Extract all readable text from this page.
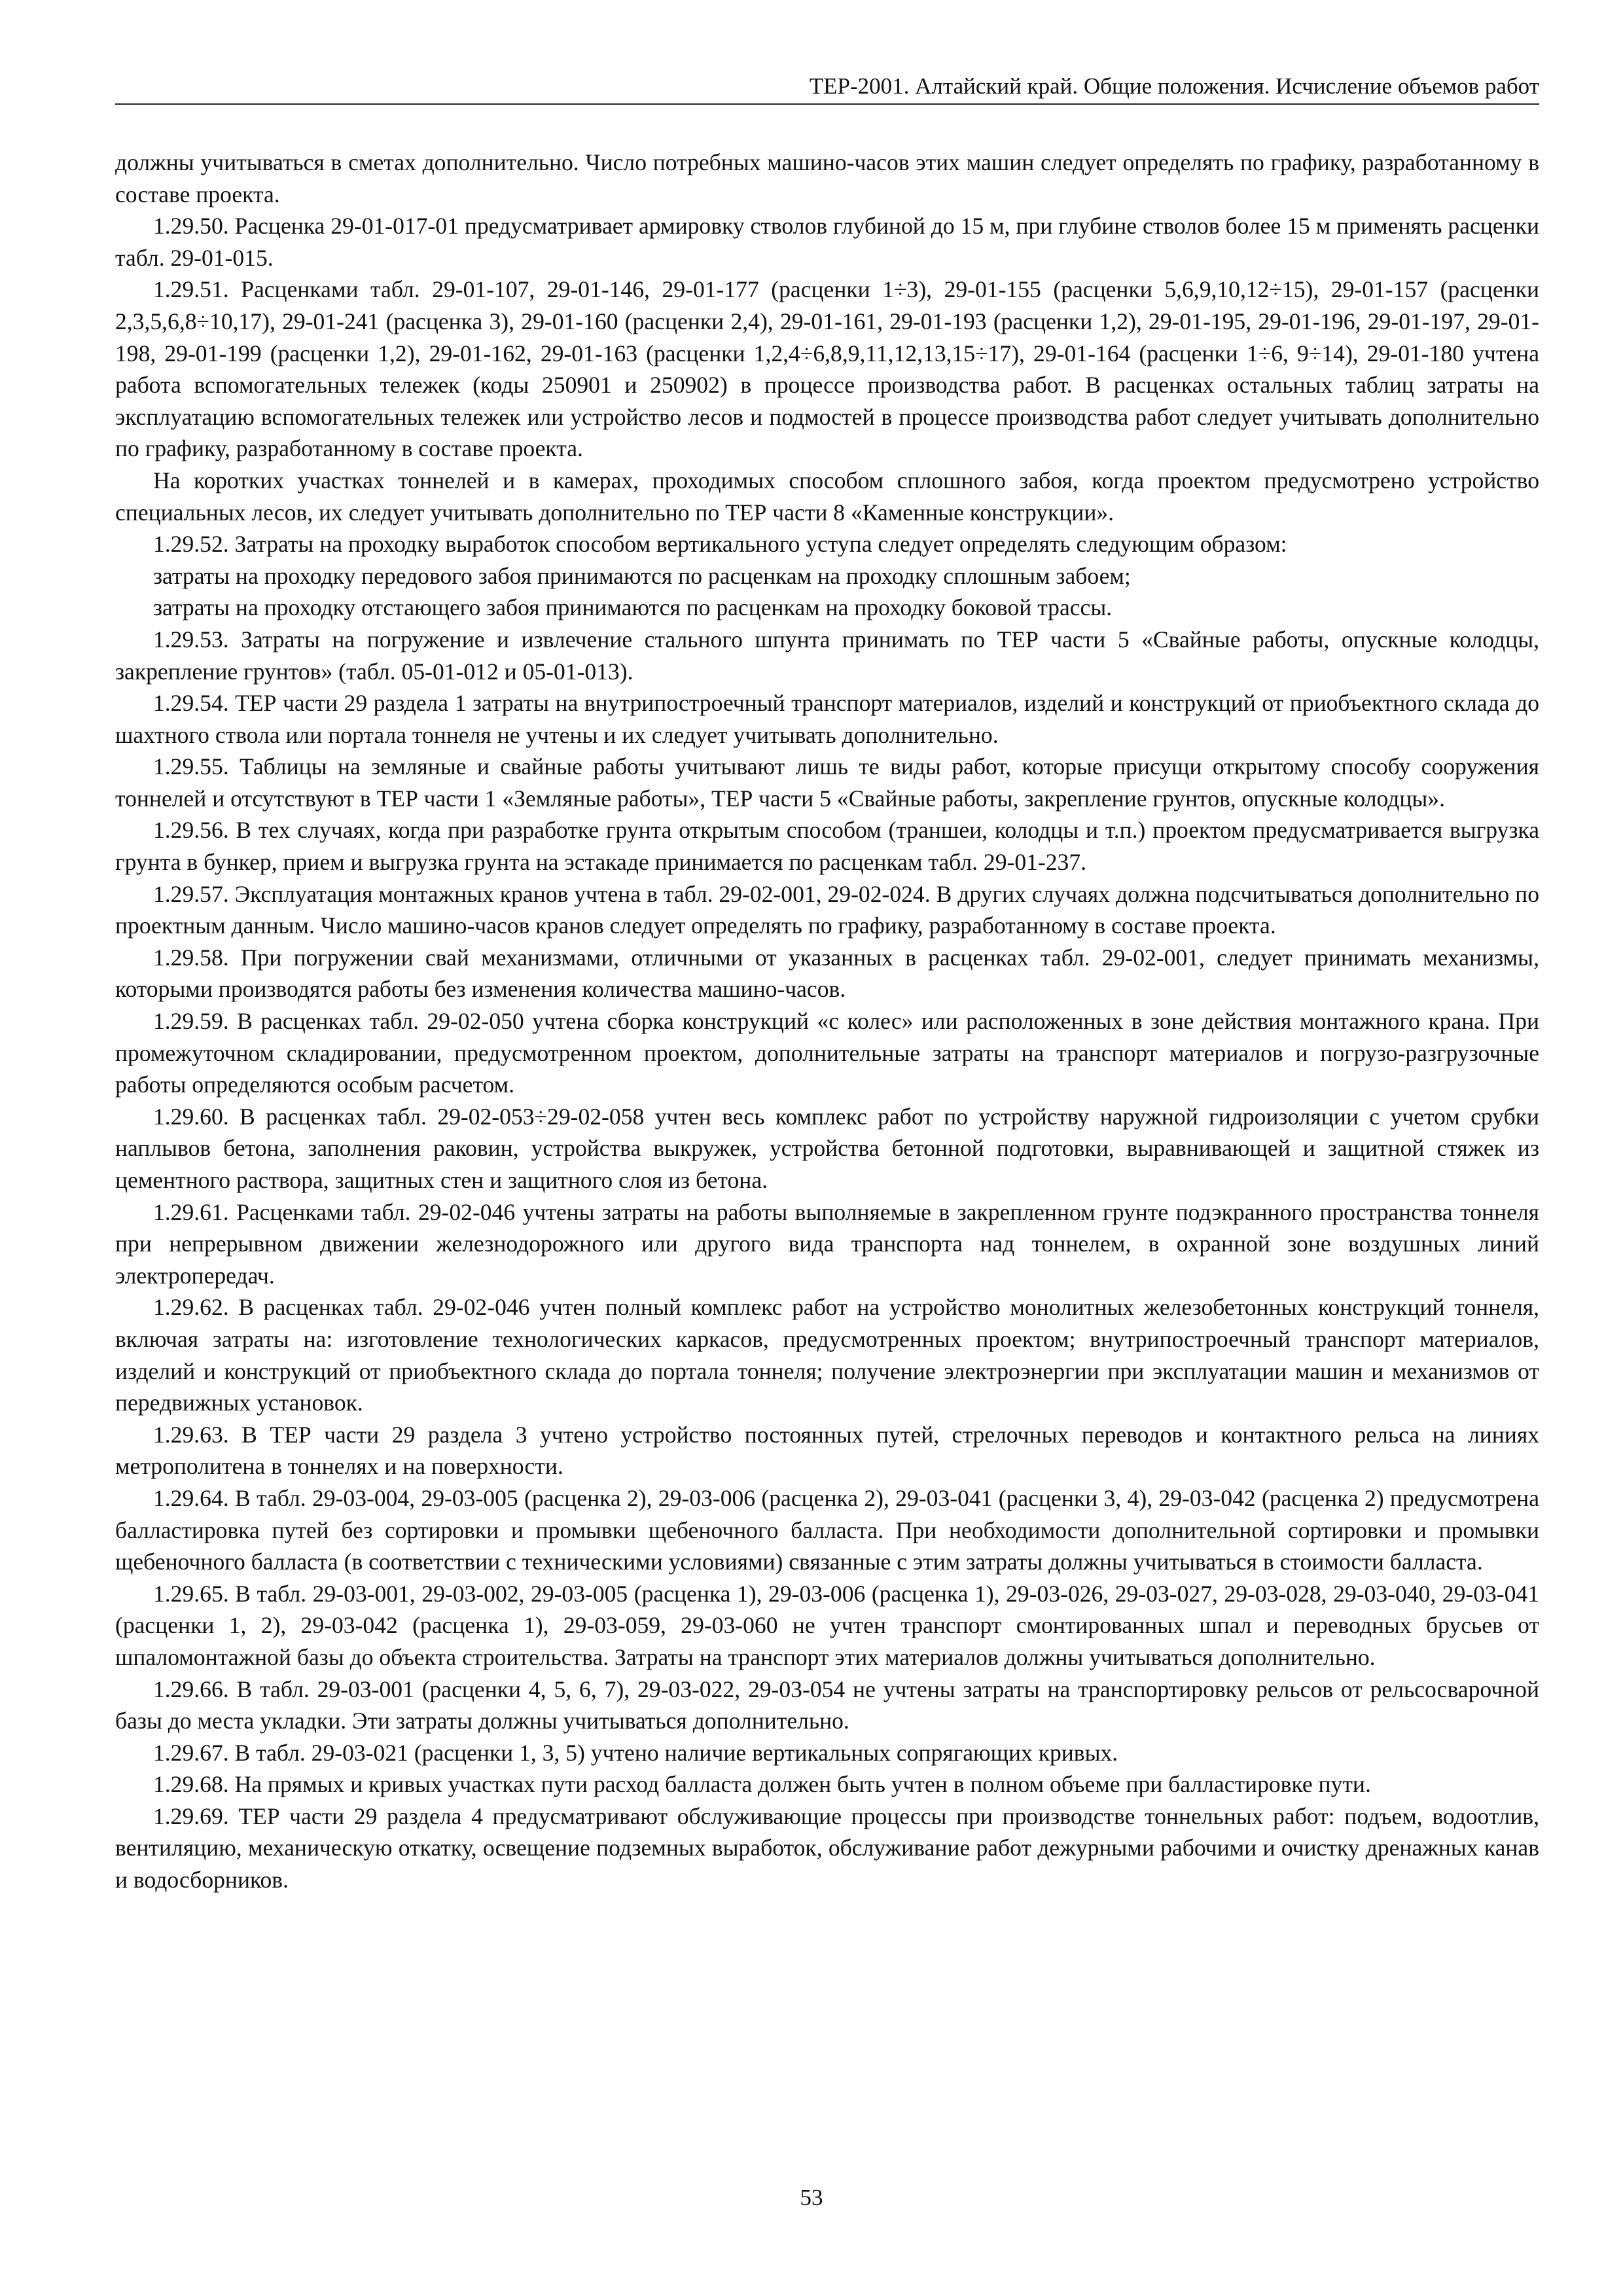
ТЕР-2001. Алтайский край. Общие положения. Исчисление объемов работ

должны учитываться в сметах дополнительно. Число потребных машино-часов этих машин следует определять по графику, разработанному в составе проекта.

1.29.50. Расценка 29-01-017-01 предусматривает армировку стволов глубиной до 15 м, при глубине стволов более 15 м применять расценки табл. 29-01-015.

1.29.51. Расценками табл. 29-01-107, 29-01-146, 29-01-177 (расценки 1÷3), 29-01-155 (расценки 5,6,9,10,12÷15), 29-01-157 (расценки 2,3,5,6,8÷10,17), 29-01-241 (расценка 3), 29-01-160 (расценки 2,4), 29-01-161, 29-01-193 (расценки 1,2), 29-01-195, 29-01-196, 29-01-197, 29-01-198, 29-01-199 (расценки 1,2), 29-01-162, 29-01-163 (расценки 1,2,4÷6,8,9,11,12,13,15÷17), 29-01-164 (расценки 1÷6, 9÷14), 29-01-180 учтена работа вспомогательных тележек (коды 250901 и 250902) в процессе производства работ. В расценках остальных таблиц затраты на эксплуатацию вспомогательных тележек или устройство лесов и подмостей в процессе производства работ следует учитывать дополнительно по графику, разработанному в составе проекта.

На коротких участках тоннелей и в камерах, проходимых способом сплошного забоя, когда проектом предусмотрено устройство специальных лесов, их следует учитывать дополнительно по ТЕР части 8 «Каменные конструкции».

1.29.52. Затраты на проходку выработок способом вертикального уступа следует определять следующим образом:

затраты на проходку передового забоя принимаются по расценкам на проходку сплошным забоем;

затраты на проходку отстающего забоя принимаются по расценкам на проходку боковой трассы.

1.29.53. Затраты на погружение и извлечение стального шпунта принимать по ТЕР части 5 «Свайные работы, опускные колодцы, закрепление грунтов» (табл. 05-01-012 и 05-01-013).

1.29.54. ТЕР части 29 раздела 1 затраты на внутрипостроечный транспорт материалов, изделий и конструкций от приобъектного склада до шахтного ствола или портала тоннеля не учтены и их следует учитывать дополнительно.

1.29.55. Таблицы на земляные и свайные работы учитывают лишь те виды работ, которые присущи открытому способу сооружения тоннелей и отсутствуют в ТЕР части 1 «Земляные работы», ТЕР части 5 «Свайные работы, закрепление грунтов, опускные колодцы».

1.29.56. В тех случаях, когда при разработке грунта открытым способом (траншеи, колодцы и т.п.) проектом предусматривается выгрузка грунта в бункер, прием и выгрузка грунта на эстакаде принимается по расценкам табл. 29-01-237.

1.29.57. Эксплуатация монтажных кранов учтена в табл. 29-02-001, 29-02-024. В других случаях должна подсчитываться дополнительно по проектным данным. Число машино-часов кранов следует определять по графику, разработанному в составе проекта.

1.29.58. При погружении свай механизмами, отличными от указанных в расценках табл. 29-02-001, следует принимать механизмы, которыми производятся работы без изменения количества машино-часов.

1.29.59. В расценках табл. 29-02-050 учтена сборка конструкций «с колес» или расположенных в зоне действия монтажного крана. При промежуточном складировании, предусмотренном проектом, дополнительные затраты на транспорт материалов и погрузо-разгрузочные работы определяются особым расчетом.

1.29.60. В расценках табл. 29-02-053÷29-02-058 учтен весь комплекс работ по устройству наружной гидроизоляции с учетом срубки наплывов бетона, заполнения раковин, устройства выкружек, устройства бетонной подготовки, выравнивающей и защитной стяжек из цементного раствора, защитных стен и защитного слоя из бетона.

1.29.61. Расценками табл. 29-02-046 учтены затраты на работы выполняемые в закрепленном грунте подэкранного пространства тоннеля при непрерывном движении железнодорожного или другого вида транспорта над тоннелем, в охранной зоне воздушных линий электропередач.

1.29.62. В расценках табл. 29-02-046 учтен полный комплекс работ на устройство монолитных железобетонных конструкций тоннеля, включая затраты на: изготовление технологических каркасов, предусмотренных проектом; внутрипостроечный транспорт материалов, изделий и конструкций от приобъектного склада до портала тоннеля; получение электроэнергии при эксплуатации машин и механизмов от передвижных установок.

1.29.63. В ТЕР части 29 раздела 3 учтено устройство постоянных путей, стрелочных переводов и контактного рельса на линиях метрополитена в тоннелях и на поверхности.

1.29.64. В табл. 29-03-004, 29-03-005 (расценка 2), 29-03-006 (расценка 2), 29-03-041 (расценки 3, 4), 29-03-042 (расценка 2) предусмотрена балластировка путей без сортировки и промывки щебеночного балласта. При необходимости дополнительной сортировки и промывки щебеночного балласта (в соответствии с техническими условиями) связанные с этим затраты должны учитываться в стоимости балласта.

1.29.65. В табл. 29-03-001, 29-03-002, 29-03-005 (расценка 1), 29-03-006 (расценка 1), 29-03-026, 29-03-027, 29-03-028, 29-03-040, 29-03-041 (расценки 1, 2), 29-03-042 (расценка 1), 29-03-059, 29-03-060 не учтен транспорт смонтированных шпал и переводных брусьев от шпаломонтажной базы до объекта строительства. Затраты на транспорт этих материалов должны учитываться дополнительно.

1.29.66. В табл. 29-03-001 (расценки 4, 5, 6, 7), 29-03-022, 29-03-054 не учтены затраты на транспортировку рельсов от рельсосварочной базы до места укладки. Эти затраты должны учитываться дополнительно.

1.29.67. В табл. 29-03-021 (расценки 1, 3, 5) учтено наличие вертикальных сопрягающих кривых.

1.29.68. На прямых и кривых участках пути расход балласта должен быть учтен в полном объеме при балластировке пути.

1.29.69. ТЕР части 29 раздела 4 предусматривают обслуживающие процессы при производстве тоннельных работ: подъем, водоотлив, вентиляцию, механическую откатку, освещение подземных выработок, обслуживание работ дежурными рабочими и очистку дренажных канав и водосборников.

53
